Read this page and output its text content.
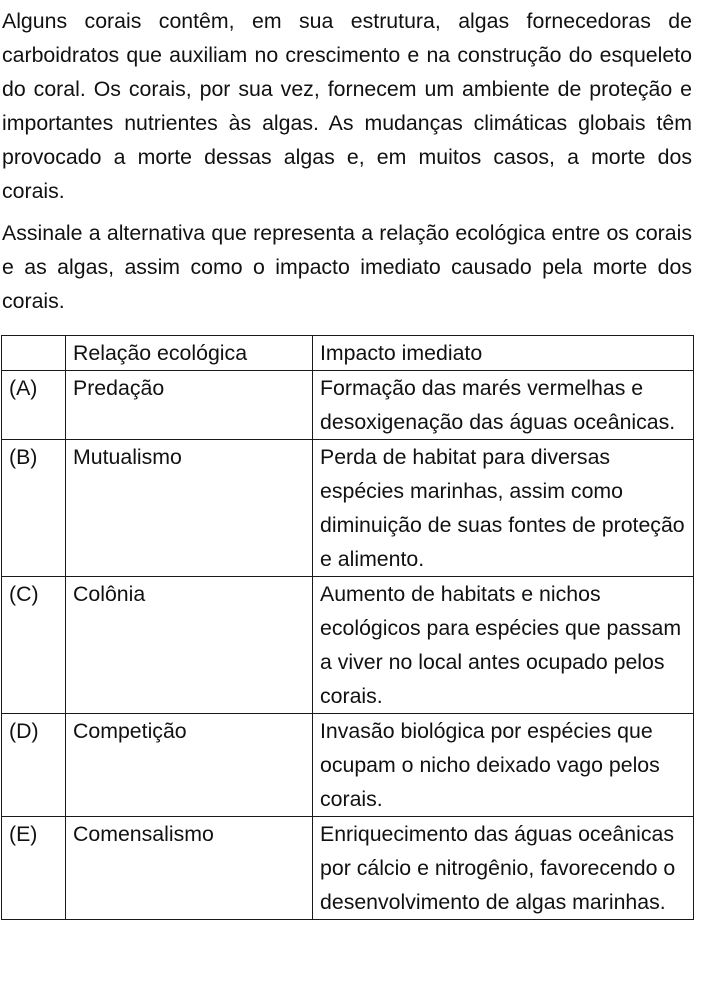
Alguns corais contêm, em sua estrutura, algas fornecedoras de carboidratos que auxiliam no crescimento e na construção do esqueleto do coral. Os corais, por sua vez, fornecem um ambiente de proteção e importantes nutrientes às algas. As mudanças climáticas globais têm provocado a morte dessas algas e, em muitos casos, a morte dos corais.

Assinale a alternativa que representa a relação ecológica entre os corais e as algas, assim como o impacto imediato causado pela morte dos corais.

	Relação ecológica	Impacto imediato
(A)	Predação	Formação das marés vermelhas e desoxigenação das águas oceânicas.
(B)	Mutualismo	Perda de habitat para diversas espécies marinhas, assim como diminuição de suas fontes de proteção e alimento.
(C)	Colônia	Aumento de habitats e nichos ecológicos para espécies que passam a viver no local antes ocupado pelos corais.
(D)	Competição	Invasão biológica por espécies que ocupam o nicho deixado vago pelos corais.
(E)	Comensalismo	Enriquecimento das águas oceânicas por cálcio e nitrogênio, favorecendo o desenvolvimento de algas marinhas.
